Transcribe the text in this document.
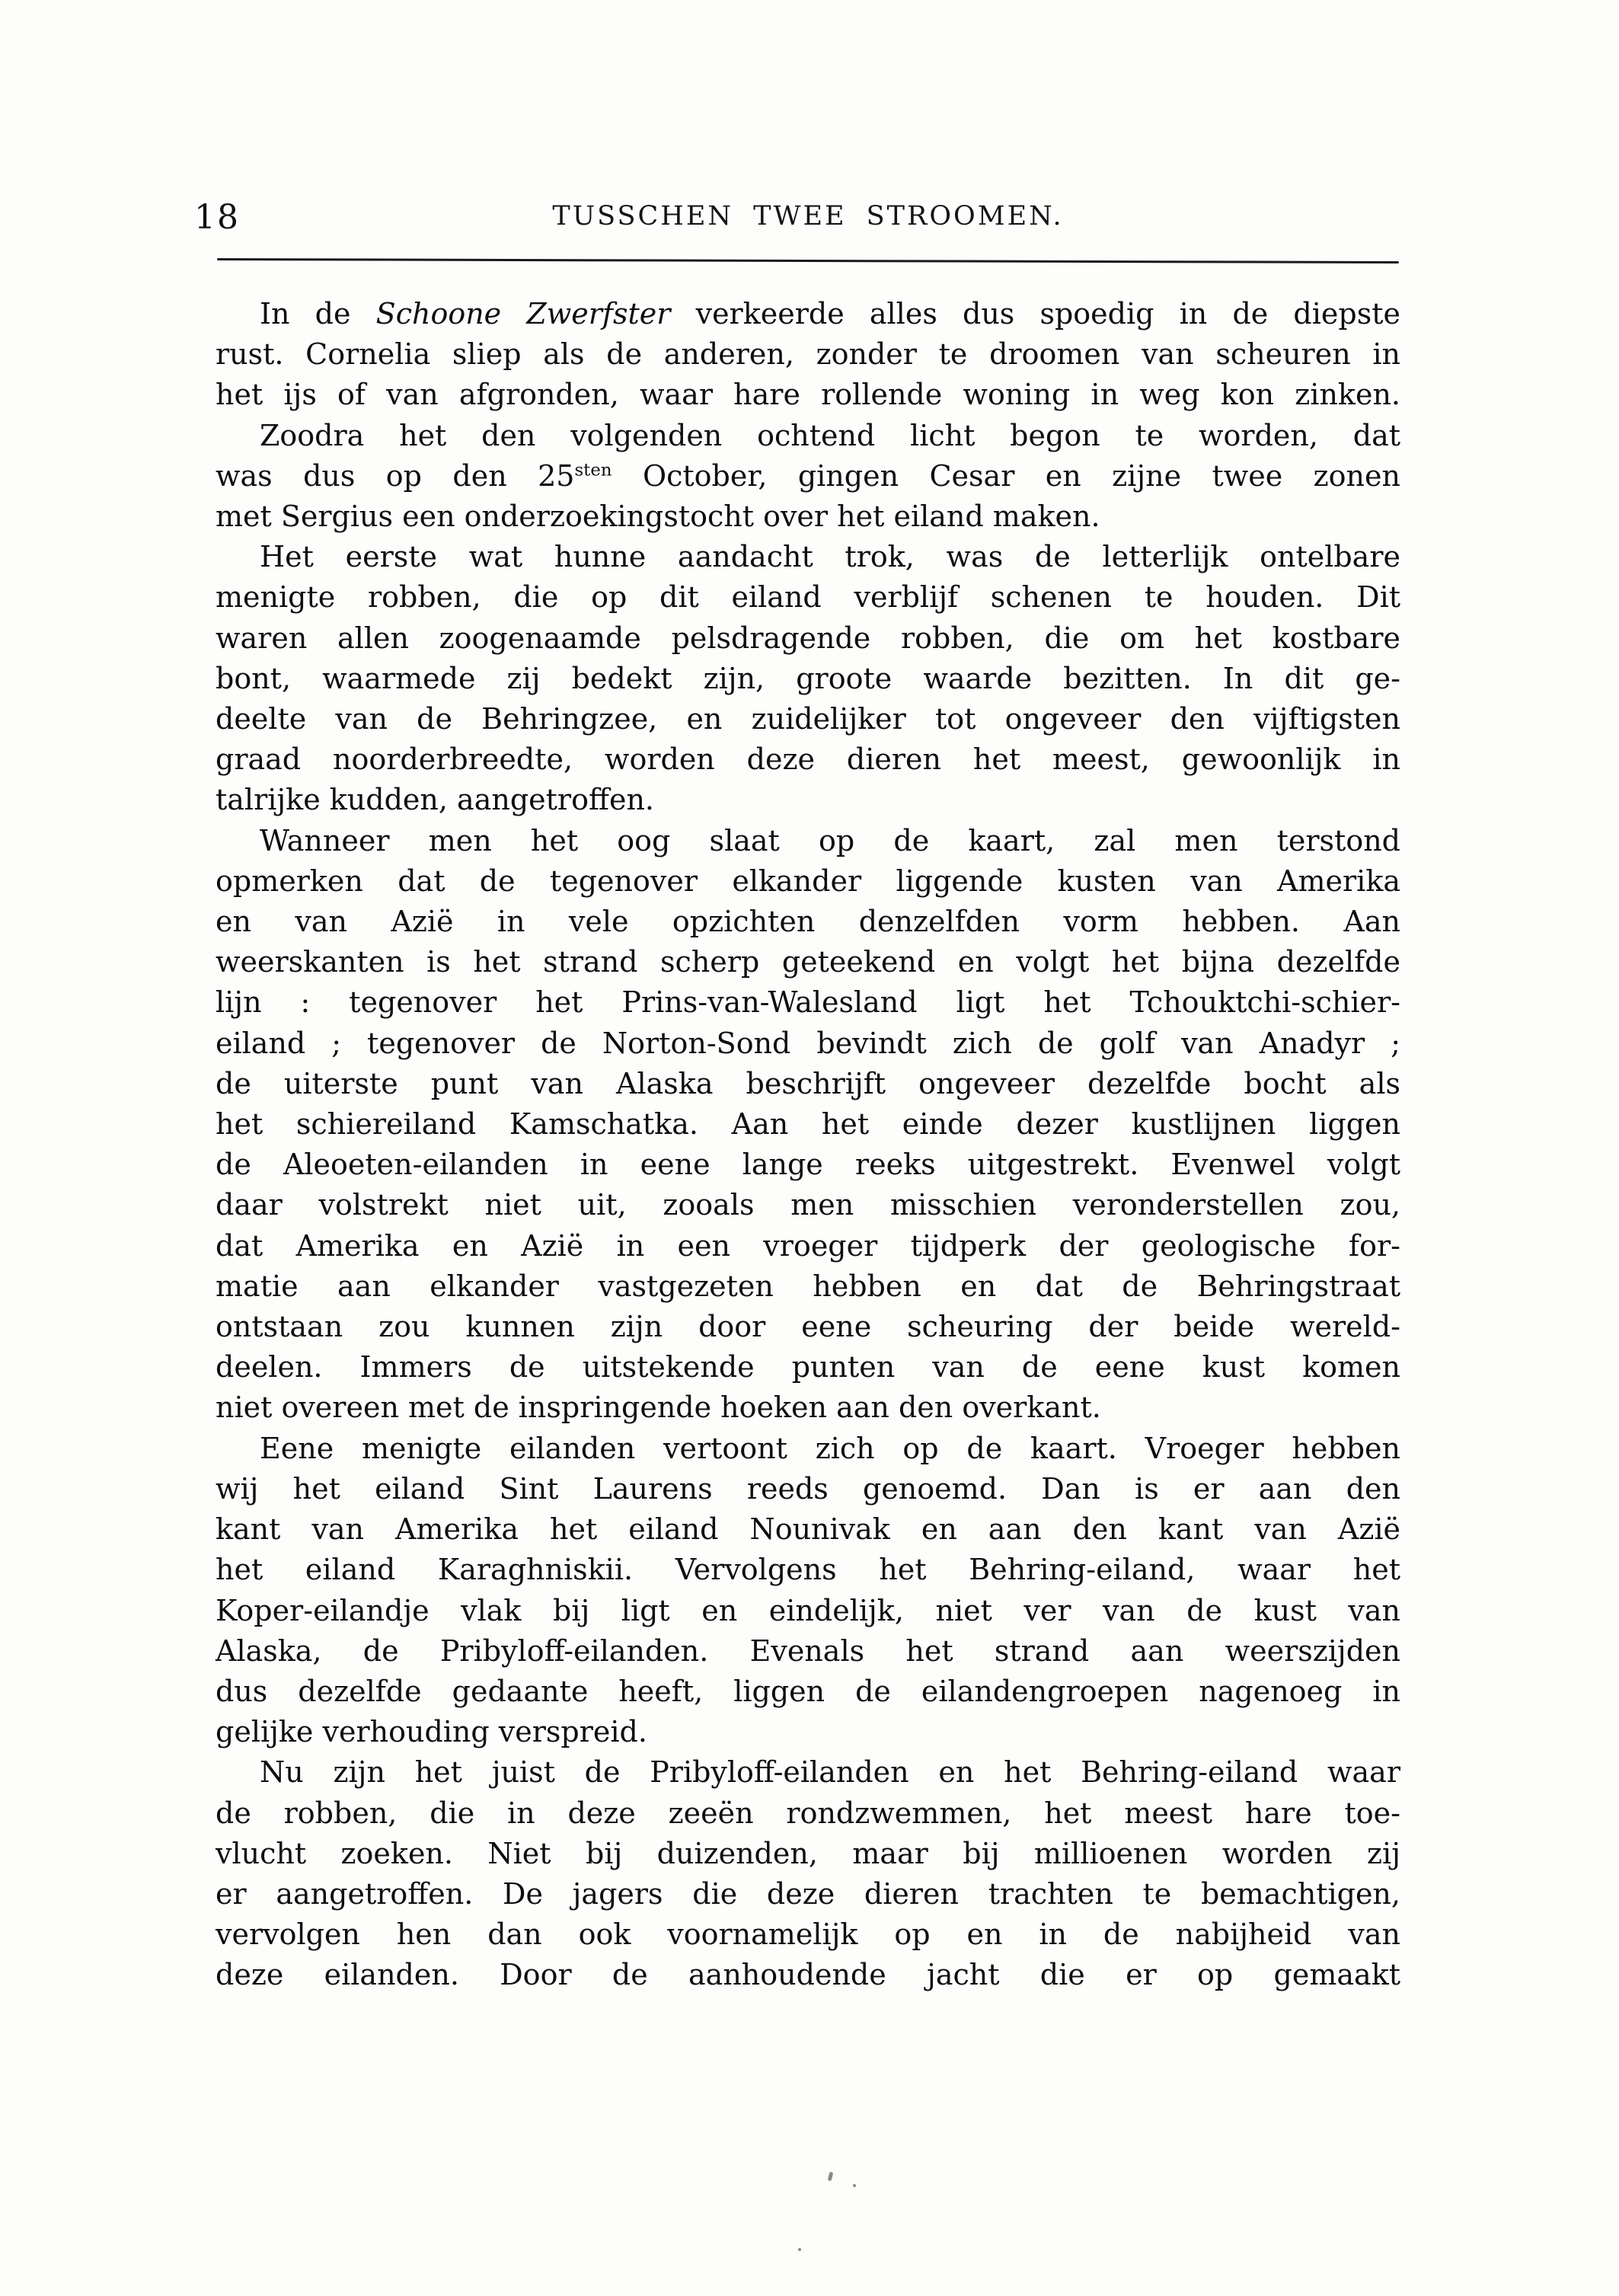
18	TUSSCHEN TWEE STROOMEN.
In de Schoone Zwerfster verkeerde alles dus spoedig in de diepste
rust. Cornelia sliep als de anderen, zonder te droomen van scheuren in
het ijs of van afgronden, waar hare rollende woning in weg kon zinken.
Zoodra het den volgenden ochtend licht begon te worden, dat
was dus op den $25^{sten}$ October, gingen Cesar en zijne twee zonen
met Sergius een onderzoekingstocht over het eiland maken.
Het eerste wat hunne aandacht trok, was de letterlijk ontelbare
menigte robben, die op dit eiland verblijf schenen te houden. Dit
waren allen zoogenaamde pelsdragende robben, die om het kostbare
bont, waarmede zij bedekt zijn, groote waarde bezitten. In dit ge-
deelte van de Behringzee, en zuidelijker tot ongeveer den vijftigsten
graad noorderbreedte, worden deze dieren het meest, gewoonlijk in
talrijke kudden, aangetroffen.
Wanneer men het oog slaat op de kaart, zal men terstond
opmerken dat de tegenover elkander liggende kusten van Amerika
en van Azië in vele opzichten denzelfden vorm hebben. Aan
weerskanten is het strand scherp geteekend en volgt het bijna dezelfde
lijn : tegenover het Prins-van-Walesland ligt het Tchouktchi-schier-
eiland ; tegenover de Norton-Sond bevindt zich de golf van Anadyr ;
de uiterste punt van Alaska beschrijft ongeveer dezelfde bocht als
het schiereiland Kamschatka. Aan het einde dezer kustlijnen liggen
de Aleoeten-eilanden in eene lange reeks uitgestrekt. Evenwel volgt
daar volstrekt niet uit, zooals men misschien veronderstellen zou,
dat Amerika en Azië in een vroeger tijdperk der geologische for-
matie aan elkander vastgezeten hebben en dat de Behringstraat
ontstaan zou kunnen zijn door eene scheuring der beide wereld-
deelen. Immers de uitstekende punten van de eene kust komen
niet overeen met de inspringende hoeken aan den overkant.
Eene menigte eilanden vertoont zich op de kaart. Vroeger hebben
wij het eiland Sint Laurens reeds genoemd. Dan is er aan den
kant van Amerika het eiland Nounivak en aan den kant van Azië
het eiland Karaghniskii. Vervolgens het Behring-eiland, waar het
Koper-eilandje vlak bij ligt en eindelijk, niet ver van de kust van
Alaska, de Pribyloff-eilanden. Evenals het strand aan weerszijden
dus dezelfde gedaante heeft, liggen de eilandengroepen nagenoeg in
gelijke verhouding verspreid.
Nu zijn het juist de Pribyloff-eilanden en het Behring-eiland waar
de robben, die in deze zeeën rondzwemmen, het meest hare toe-
vlucht zoeken. Niet bij duizenden, maar bij millioenen worden zij
er aangetroffen. De jagers die deze dieren trachten te bemachtigen,
vervolgen hen dan ook voornamelijk op en in de nabijheid van
deze eilanden. Door de aanhoudende jacht die er op gemaakt
